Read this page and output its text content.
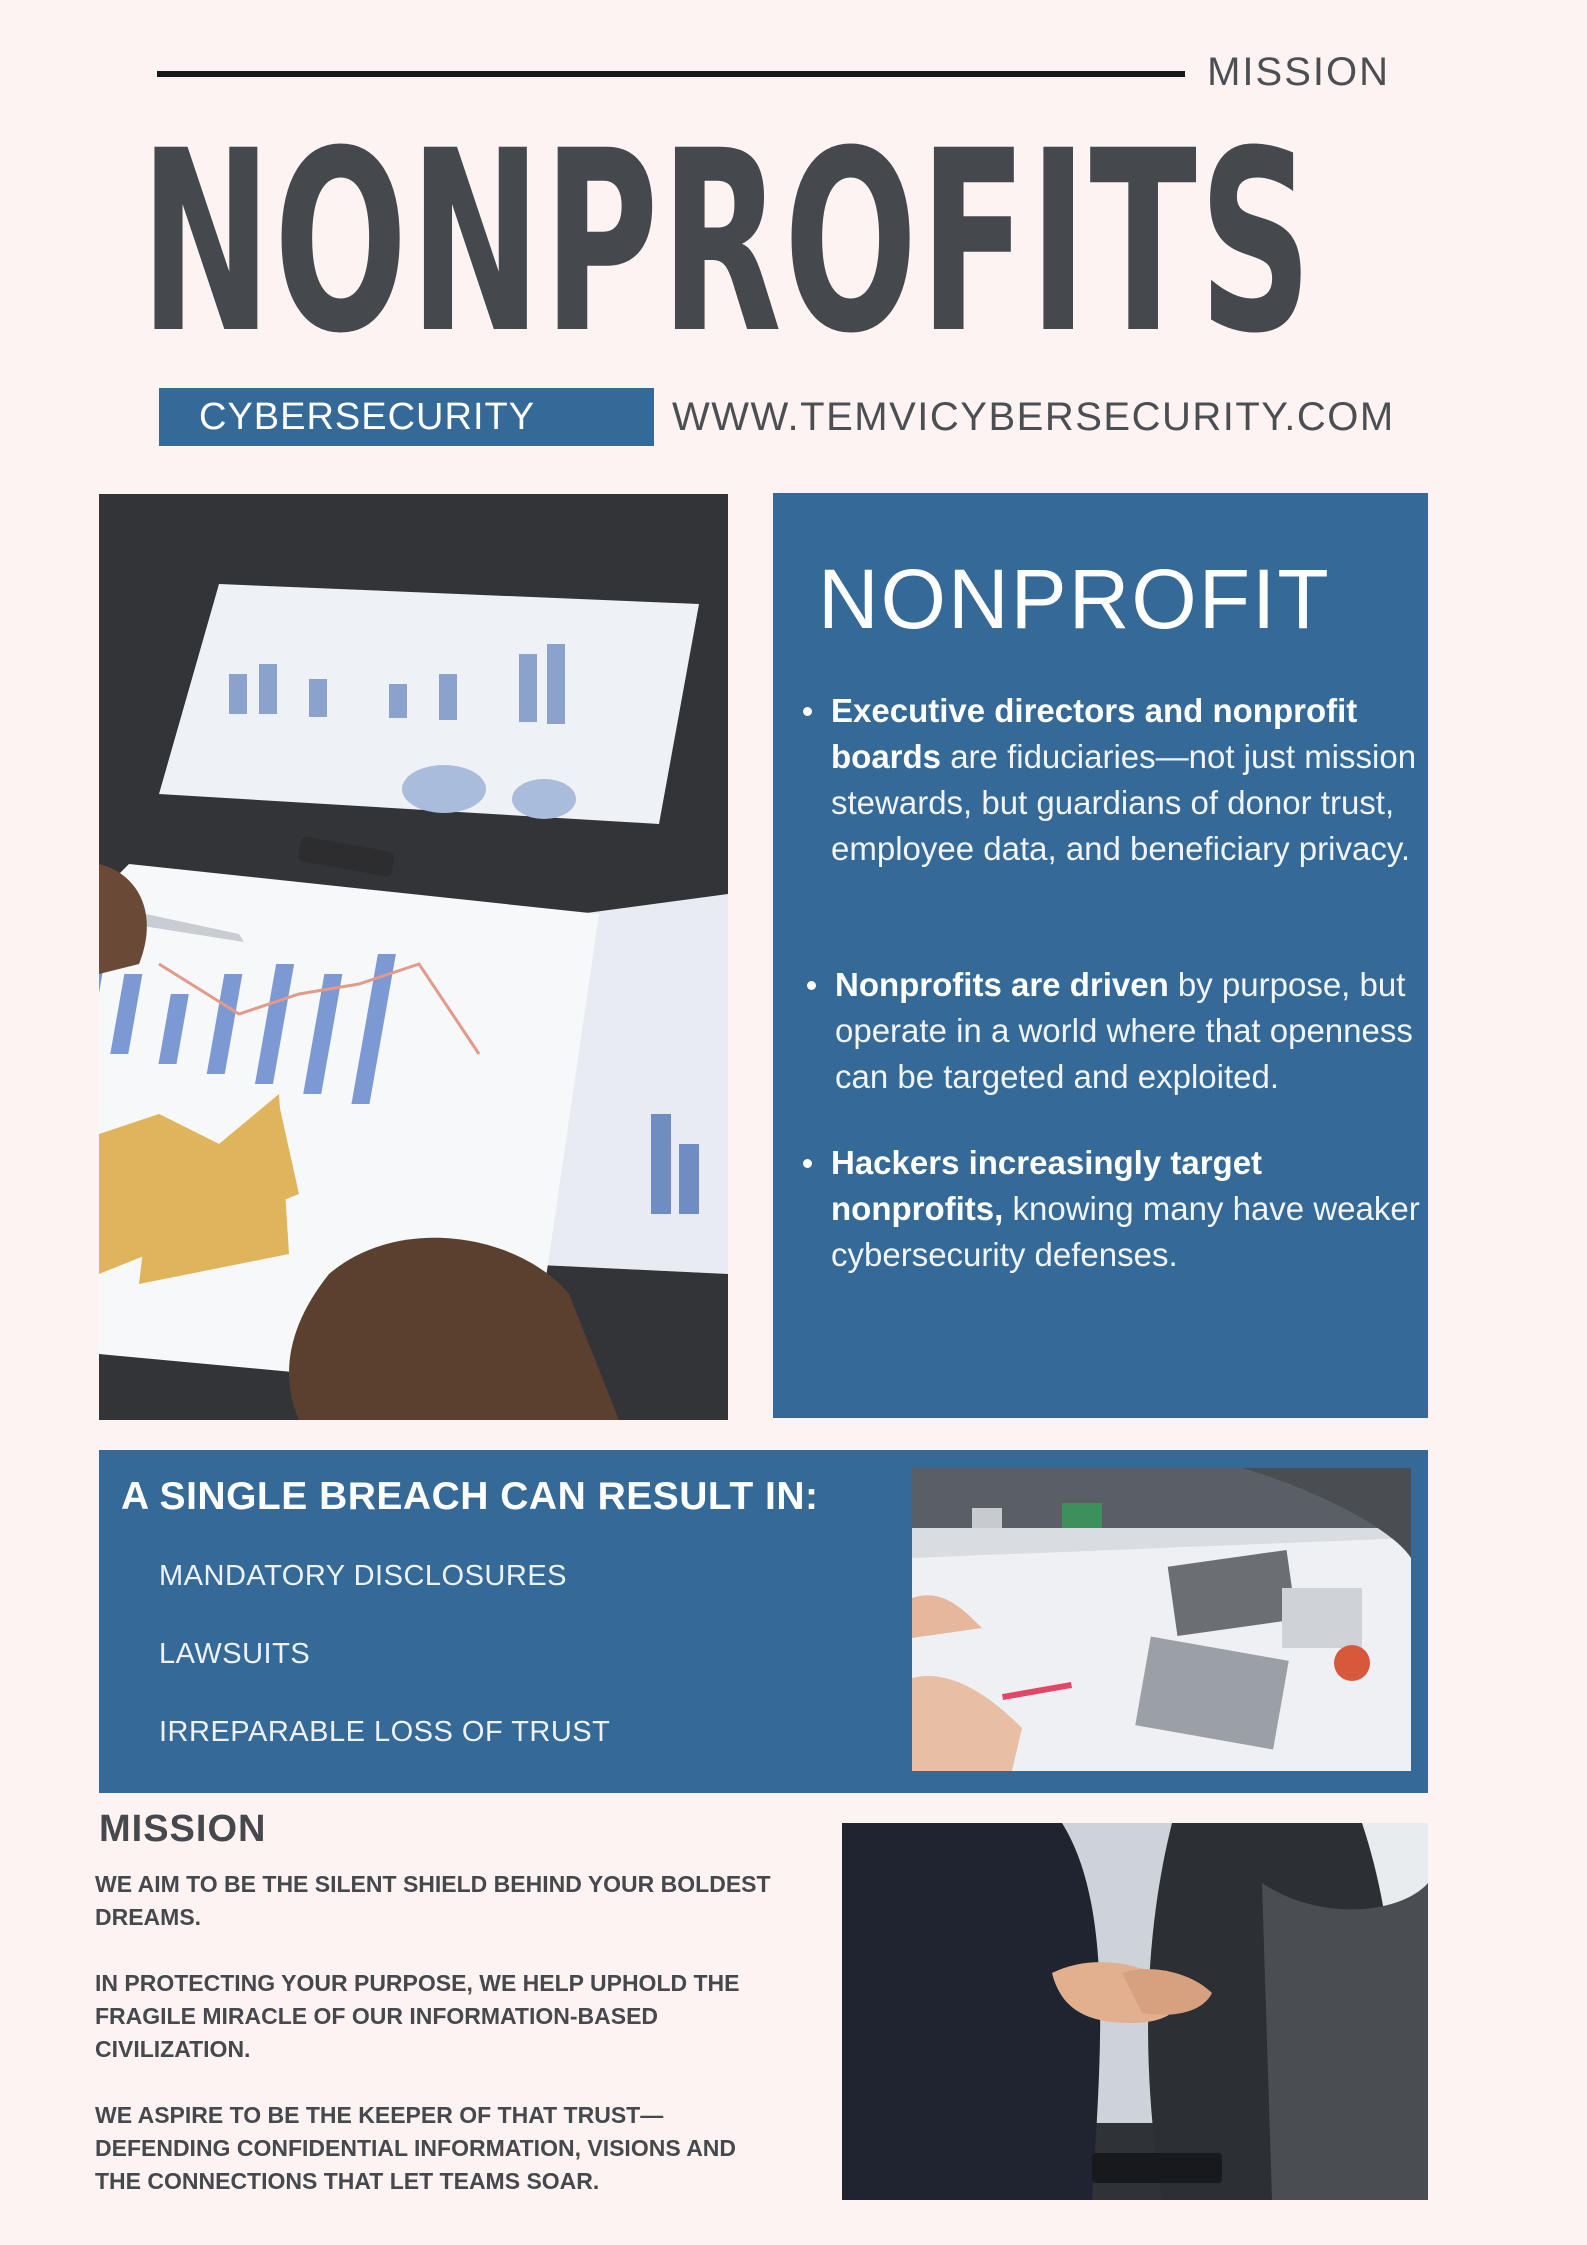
MISSION
NONPROFITS
CYBERSECURITY	WWW.TEMVICYBERSECURITY.COM
NONPROFIT
Executive directors and nonprofit boards are fiduciaries—not just mission stewards, but guardians of donor trust, employee data, and beneficiary privacy.
Nonprofits are driven by purpose, but operate in a world where that openness can be targeted and exploited.
Hackers increasingly target nonprofits, knowing many have weaker cybersecurity defenses.
A SINGLE BREACH CAN RESULT IN:
MANDATORY DISCLOSURES
LAWSUITS
IRREPARABLE LOSS OF TRUST
MISSION

WE AIM TO BE THE SILENT SHIELD BEHIND YOUR BOLDEST DREAMS.

IN PROTECTING YOUR PURPOSE, WE HELP UPHOLD THE FRAGILE MIRACLE OF OUR INFORMATION-BASED CIVILIZATION.

WE ASPIRE TO BE THE KEEPER OF THAT TRUST—DEFENDING CONFIDENTIAL INFORMATION, VISIONS AND THE CONNECTIONS THAT LET TEAMS SOAR.
